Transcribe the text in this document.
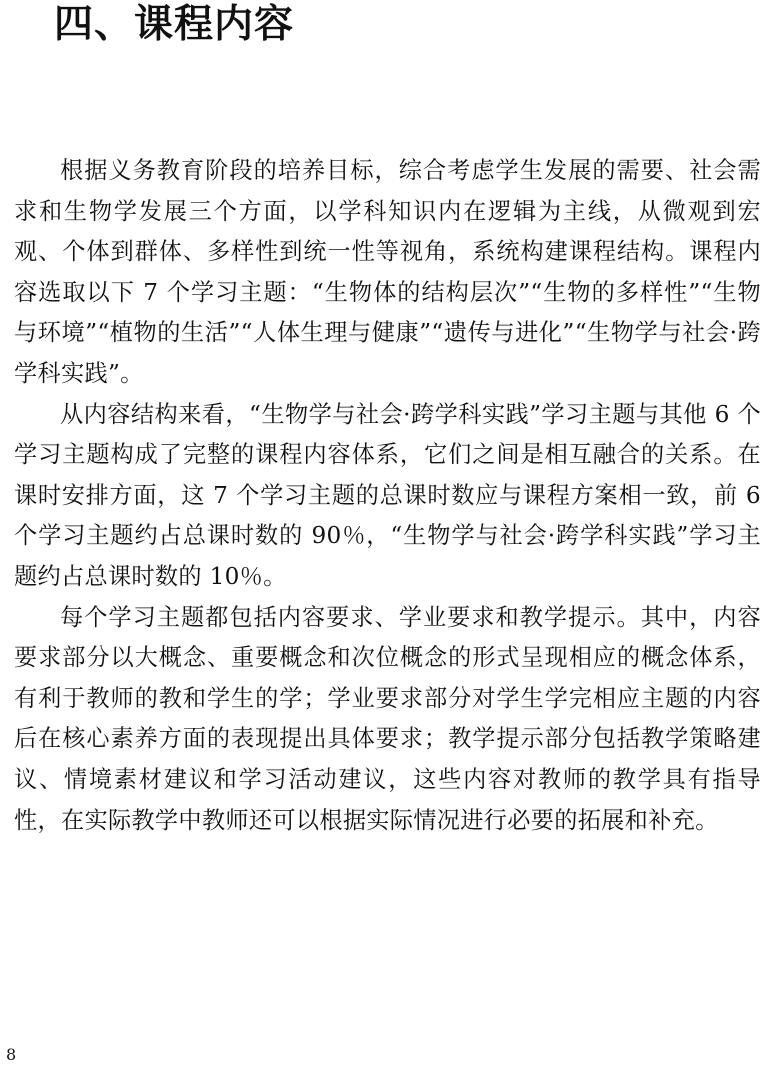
四、课程内容

根据义务教育阶段的培养目标，综合考虑学生发展的需要、社会需求和生物学发展三个方面，以学科知识内在逻辑为主线，从微观到宏观、个体到群体、多样性到统一性等视角，系统构建课程结构。课程内容选取以下 7 个学习主题：“生物体的结构层次”“生物的多样性”“生物与环境”“植物的生活”“人体生理与健康”“遗传与进化”“生物学与社会·跨学科实践”。

从内容结构来看，“生物学与社会·跨学科实践”学习主题与其他 6 个学习主题构成了完整的课程内容体系，它们之间是相互融合的关系。在课时安排方面，这 7 个学习主题的总课时数应与课程方案相一致，前 6 个学习主题约占总课时数的 90％，“生物学与社会·跨学科实践”学习主题约占总课时数的 10％。

每个学习主题都包括内容要求、学业要求和教学提示。其中，内容要求部分以大概念、重要概念和次位概念的形式呈现相应的概念体系，有利于教师的教和学生的学；学业要求部分对学生学完相应主题的内容后在核心素养方面的表现提出具体要求；教学提示部分包括教学策略建议、情境素材建议和学习活动建议，这些内容对教师的教学具有指导性，在实际教学中教师还可以根据实际情况进行必要的拓展和补充。

8
